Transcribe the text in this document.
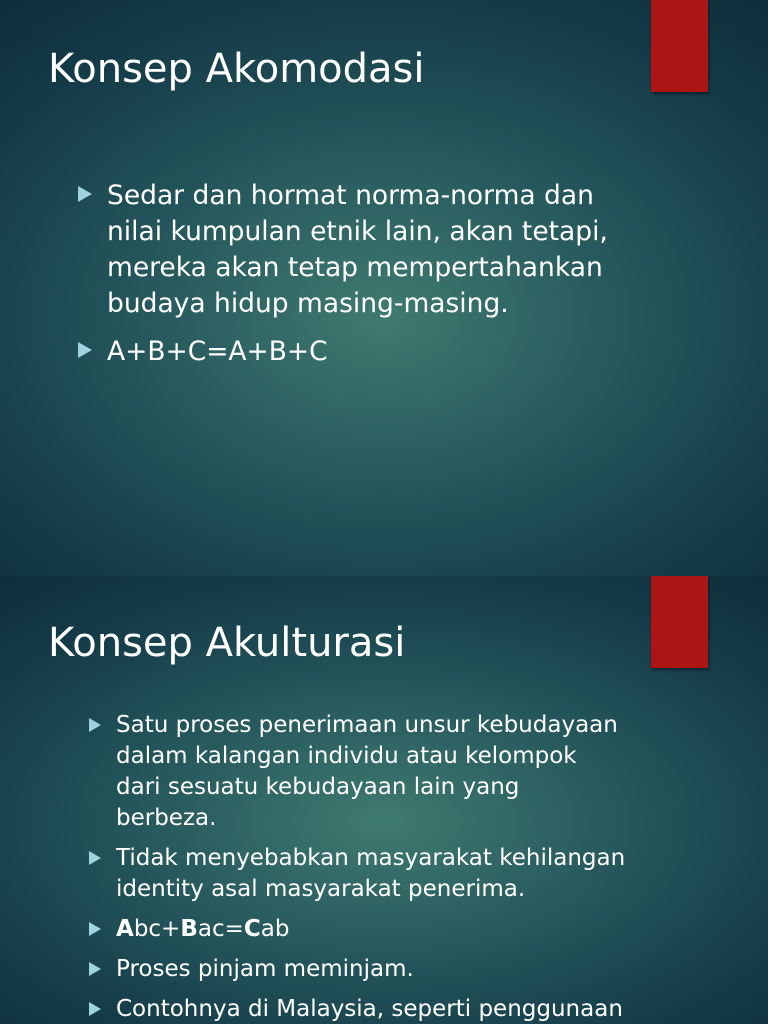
Konsep Akomodasi
Sedar dan hormat norma-norma dan
nilai kumpulan etnik lain, akan tetapi,
mereka akan tetap mempertahankan
budaya hidup masing-masing.
A+B+C=A+B+C
Konsep Akulturasi
Satu proses penerimaan unsur kebudayaan
dalam kalangan individu atau kelompok
dari sesuatu kebudayaan lain yang
berbeza.
Tidak menyebabkan masyarakat kehilangan
identity asal masyarakat penerima.
Abc+Bac=Cab
Proses pinjam meminjam.
Contohnya di Malaysia, seperti penggunaan
